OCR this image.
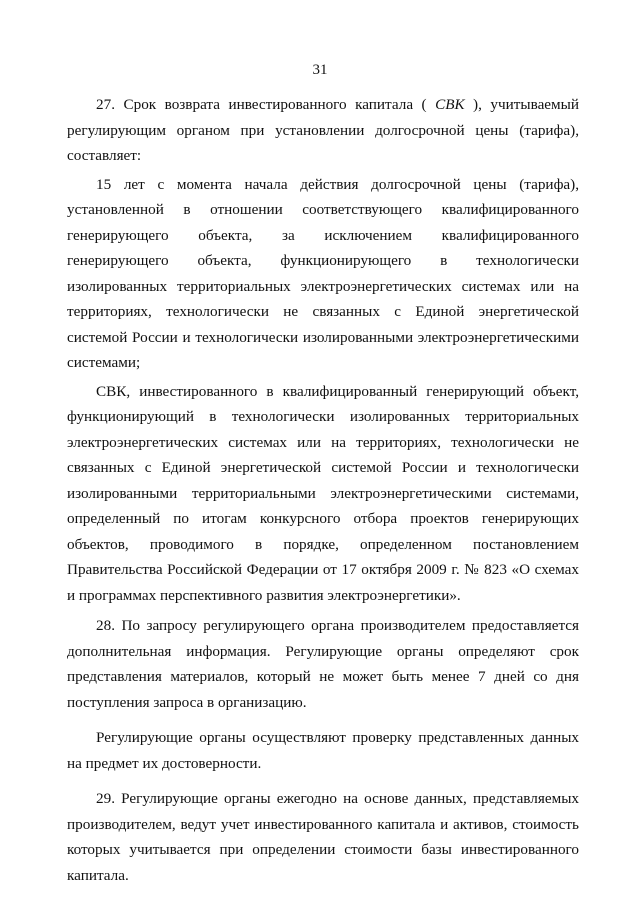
31

27. Срок возврата инвестированного капитала ( СВК ), учитываемый регулирующим органом при установлении долгосрочной цены (тарифа), составляет:

15 лет с момента начала действия долгосрочной цены (тарифа), установленной в отношении соответствующего квалифицированного генерирующего объекта, за исключением квалифицированного генерирующего объекта, функционирующего в технологически изолированных территориальных электроэнергетических системах или на территориях, технологически не связанных с Единой энергетической системой России и технологически изолированными электроэнергетическими системами;

СВК, инвестированного в квалифицированный генерирующий объект, функционирующий в технологически изолированных территориальных электроэнергетических системах или на территориях, технологически не связанных с Единой энергетической системой России и технологически изолированными территориальными электроэнергетическими системами, определенный по итогам конкурсного отбора проектов генерирующих объектов, проводимого в порядке, определенном постановлением Правительства Российской Федерации от 17 октября 2009 г. № 823 «О схемах и программах перспективного развития электроэнергетики».

28. По запросу регулирующего органа производителем предоставляется дополнительная информация. Регулирующие органы определяют срок представления материалов, который не может быть менее 7 дней со дня поступления запроса в организацию.

Регулирующие органы осуществляют проверку представленных данных на предмет их достоверности.

29. Регулирующие органы ежегодно на основе данных, представляемых производителем, ведут учет инвестированного капитала и активов, стоимость которых учитывается при определении стоимости базы инвестированного капитала.
